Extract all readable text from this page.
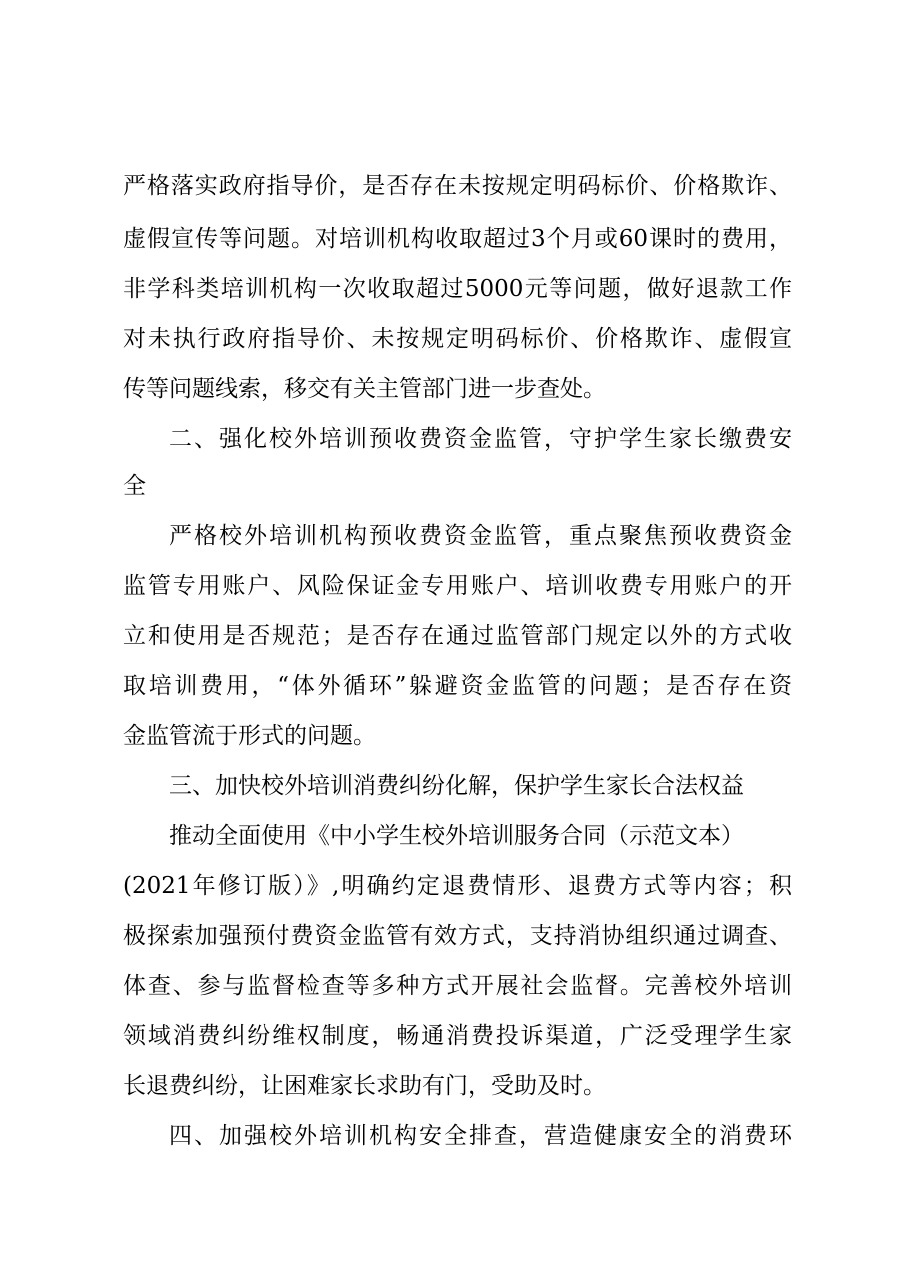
严格落实政府指导价，是否存在未按规定明码标价、价格欺诈、
虚假宣传等问题。对培训机构收取超过3个月或60课时的费用，
非学科类培训机构一次收取超过5000元等问题，做好退款工作
对未执行政府指导价、未按规定明码标价、价格欺诈、虚假宣
传等问题线索，移交有关主管部门进一步查处。
二、强化校外培训预收费资金监管，守护学生家长缴费安
全
严格校外培训机构预收费资金监管，重点聚焦预收费资金
监管专用账户、风险保证金专用账户、培训收费专用账户的开
立和使用是否规范；是否存在通过监管部门规定以外的方式收
取培训费用，“体外循环”躲避资金监管的问题；是否存在资
金监管流于形式的问题。
三、加快校外培训消费纠纷化解，保护学生家长合法权益
推动全面使用《中小学生校外培训服务合同（示范文本）
(2021年修订版）》,明确约定退费情形、退费方式等内容；积
极探索加强预付费资金监管有效方式，支持消协组织通过调查、
体查、参与监督检查等多种方式开展社会监督。完善校外培训
领域消费纠纷维权制度，畅通消费投诉渠道，广泛受理学生家
长退费纠纷，让困难家长求助有门，受助及时。
四、加强校外培训机构安全排查，营造健康安全的消费环
